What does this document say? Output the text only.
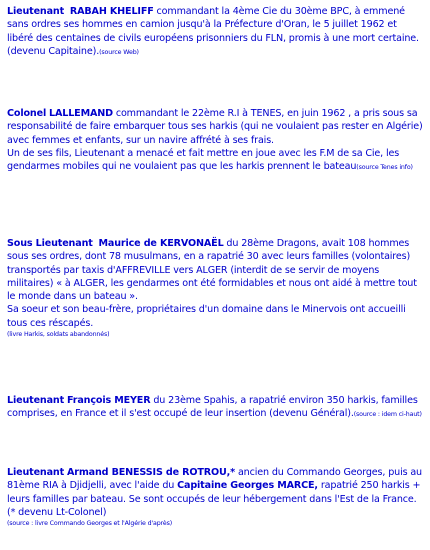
Lieutenant RABAH KHELIFF commandant la 4ème Cie du 30ème BPC, à emmené sans ordres ses hommes en camion jusqu'à la Préfecture d'Oran, le 5 juillet 1962 et libéré des centaines de civils européens prisonniers du FLN, promis à une mort certaine. (devenu Capitaine).(source Web)

Colonel LALLEMAND commandant le 22ème R.I à TENES, en juin 1962 , a pris sous sa responsabilité de faire embarquer tous ses harkis (qui ne voulaient pas rester en Algérie) avec femmes et enfants, sur un navire affrété à ses frais.
Un de ses fils, Lieutenant a menacé et fait mettre en joue avec les F.M de sa Cie, les gendarmes mobiles qui ne voulaient pas que les harkis prennent le bateau(source Tenes info)

Sous Lieutenant Maurice de KERVONAËL du 28ème Dragons, avait 108 hommes sous ses ordres, dont 78 musulmans, en a rapatrié 30 avec leurs familles (volontaires) transportés par taxis d'AFFREVILLE vers ALGER (interdit de se servir de moyens militaires) « à ALGER, les gendarmes ont été formidables et nous ont aidé à mettre tout le monde dans un bateau ».
Sa soeur et son beau-frère, propriétaires d'un domaine dans le Minervois ont accueilli tous ces réscapés.
(livre Harkis, soldats abandonnés)

Lieutenant François MEYER du 23ème Spahis, a rapatrié environ 350 harkis, familles comprises, en France et il s'est occupé de leur insertion (devenu Général).(source : idem ci-haut)

Lieutenant Armand BENESSIS de ROTROU,* ancien du Commando Georges, puis au 81ème RIA à Djidjelli, avec l'aide du Capitaine Georges MARCE, rapatrié 250 harkis + leurs familles par bateau. Se sont occupés de leur hébergement dans l'Est de la France. (* devenu Lt-Colonel)
(source : livre Commando Georges et l'Algérie d'après)
